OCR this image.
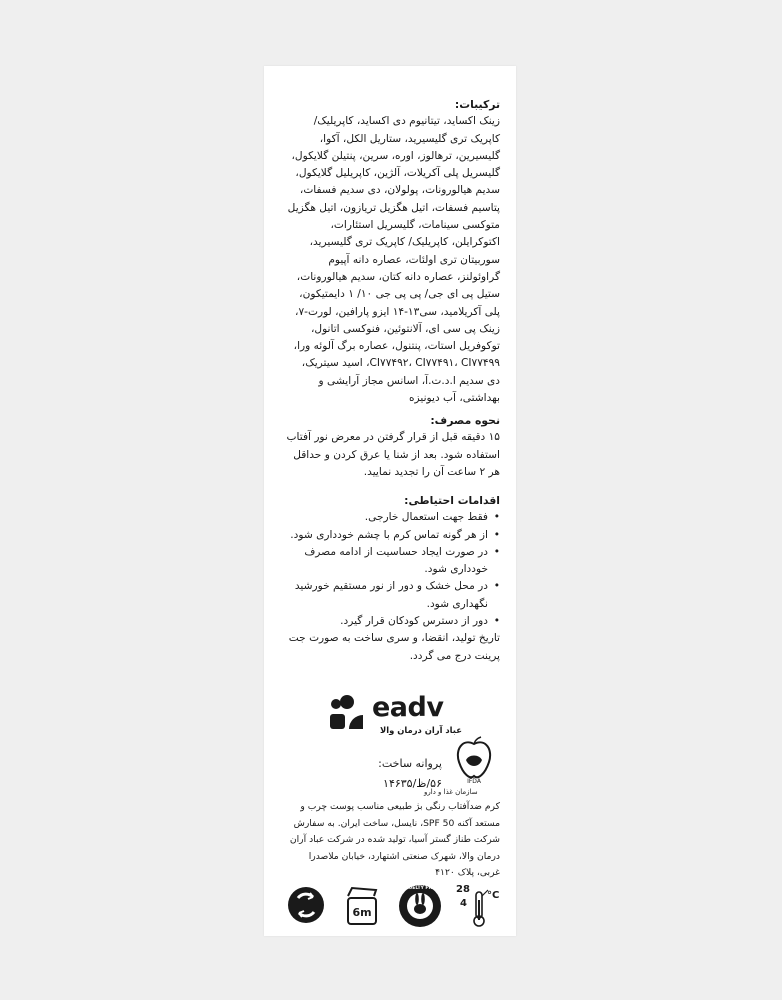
ترکیبات:

زینک اکساید، تیتانیوم دی اکساید، کاپریلیک/ کاپریک تری گلیسیرید، ستاریل الکل، آکوا، گلیسیرین، ترهالوز، اوره، سرین، پنتیلن گلایکول، گلیسریل پلی آکریلات، آلژین، کاپریلیل گلایکول، سدیم هیالورونات، پولولان، دی سدیم فسفات، پتاسیم فسفات، اتیل هگزیل تریازون، اتیل هگزیل متوکسی سینامات، گلیسریل استئارات، اکتوکرایلن، کاپریلیک/ کاپریک تری گلیسیرید، سوربیتان تری اولئات، عصاره دانه آپیوم گراوئولنز، عصاره دانه کتان، سدیم هیالورونات، ستیل پی ای جی/ پی پی جی ۱۰/ ۱ دایمتیکون، پلی آکریلامید، سی۱۳-۱۴ ایزو پارافین، لورت-۷، زینک پی سی ای، آلانتوئین، فنوکسی اتانول، توکوفریل استات، پنتنول، عصاره برگ آلوئه ورا، CI۷۷۴۹۲، CI۷۷۴۹۱، CI۷۷۴۹۹، اسید سیتریک، دی سدیم ا.د.ت.آ، اسانس مجاز آرایشی و بهداشتی، آب دیونیزه

نحوه مصرف:

۱۵ دقیقه قبل از قرار گرفتن در معرض نور آفتاب استفاده شود. بعد از شنا یا عرق کردن و حداقل هر ۲ ساعت آن را تجدید نمایید.

اقدامات احتیاطی:

• فقط جهت استعمال خارجی.
• از هر گونه تماس کرم با چشم خودداری شود.
• در صورت ایجاد حساسیت از ادامه مصرف خودداری شود.
• در محل خشک و دور از نور مستقیم خورشید نگهداری شود.
• دور از دسترس کودکان قرار گیرد.

تاریخ تولید، انقضا، و سری ساخت به صورت جت پرینت درج می گردد.

eadv
عباد آران درمان والا
IFDA
سازمان غذا و دارو
پروانه ساخت:
۵۶/ظ/۱۴۶۳۵
کرم ضدآفتاب رنگی بژ طبیعی مناسب پوست چرب و مستعد آکنه SPF 50، نایسل، ساخت ایران. به سفارش شرکت طناز گستر آسیا، تولید شده در شرکت عباد آران درمان والا، شهرک صنعتی اشتهارد، خیابان ملاصدرا غربی، پلاک ۴۱۲۰
6m
CRUELTY FREE	28
4
°C
